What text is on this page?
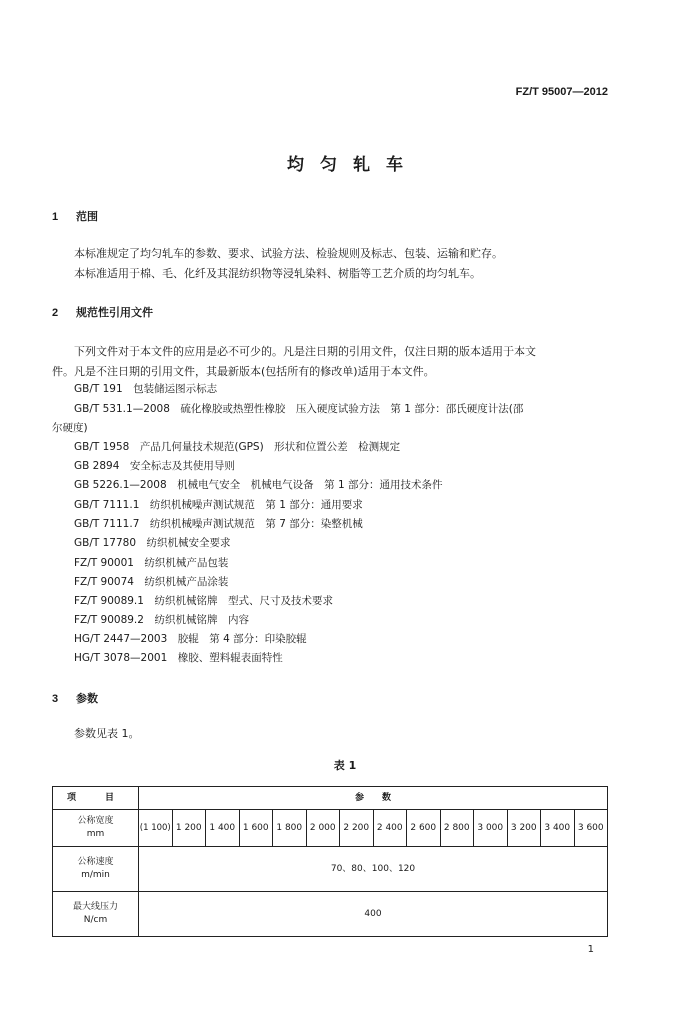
FZ/T 95007—2012
均匀轧车
1 范围
本标准规定了均匀轧车的参数、要求、试验方法、检验规则及标志、包装、运输和贮存。
本标准适用于棉、毛、化纤及其混纺织物等浸轧染料、树脂等工艺介质的均匀轧车。
2 规范性引用文件
下列文件对于本文件的应用是必不可少的。凡是注日期的引用文件，仅注日期的版本适用于本文
件。凡是不注日期的引用文件，其最新版本(包括所有的修改单)适用于本文件。
GB/T 191　包装储运图示标志
GB/T 531.1—2008　硫化橡胶或热塑性橡胶　压入硬度试验方法　第 1 部分：邵氏硬度计法(邵
尔硬度)
GB/T 1958　产品几何量技术规范(GPS)　形状和位置公差　检测规定
GB 2894　安全标志及其使用导则
GB 5226.1—2008　机械电气安全　机械电气设备　第 1 部分：通用技术条件
GB/T 7111.1　纺织机械噪声测试规范　第 1 部分：通用要求
GB/T 7111.7　纺织机械噪声测试规范　第 7 部分：染整机械
GB/T 17780　纺织机械安全要求
FZ/T 90001　纺织机械产品包装
FZ/T 90074　纺织机械产品涂装
FZ/T 90089.1　纺织机械铭牌　型式、尺寸及技术要求
FZ/T 90089.2　纺织机械铭牌　内容
HG/T 2447—2003　胶辊　第 4 部分：印染胶辊
HG/T 3078—2001　橡胶、塑料辊表面特性
3 参数
参数见表 1。
表 1
项　目	参　　数													

公称宽度
mm	(1 100)	1 200	1 400	1 600	1 800	2 000	2 200	2 400	2 600	2 800	3 000	3 200	3 400	3 600

公称速度
m/min	70、80、100、120													

最大线压力
N/cm	400													
1
